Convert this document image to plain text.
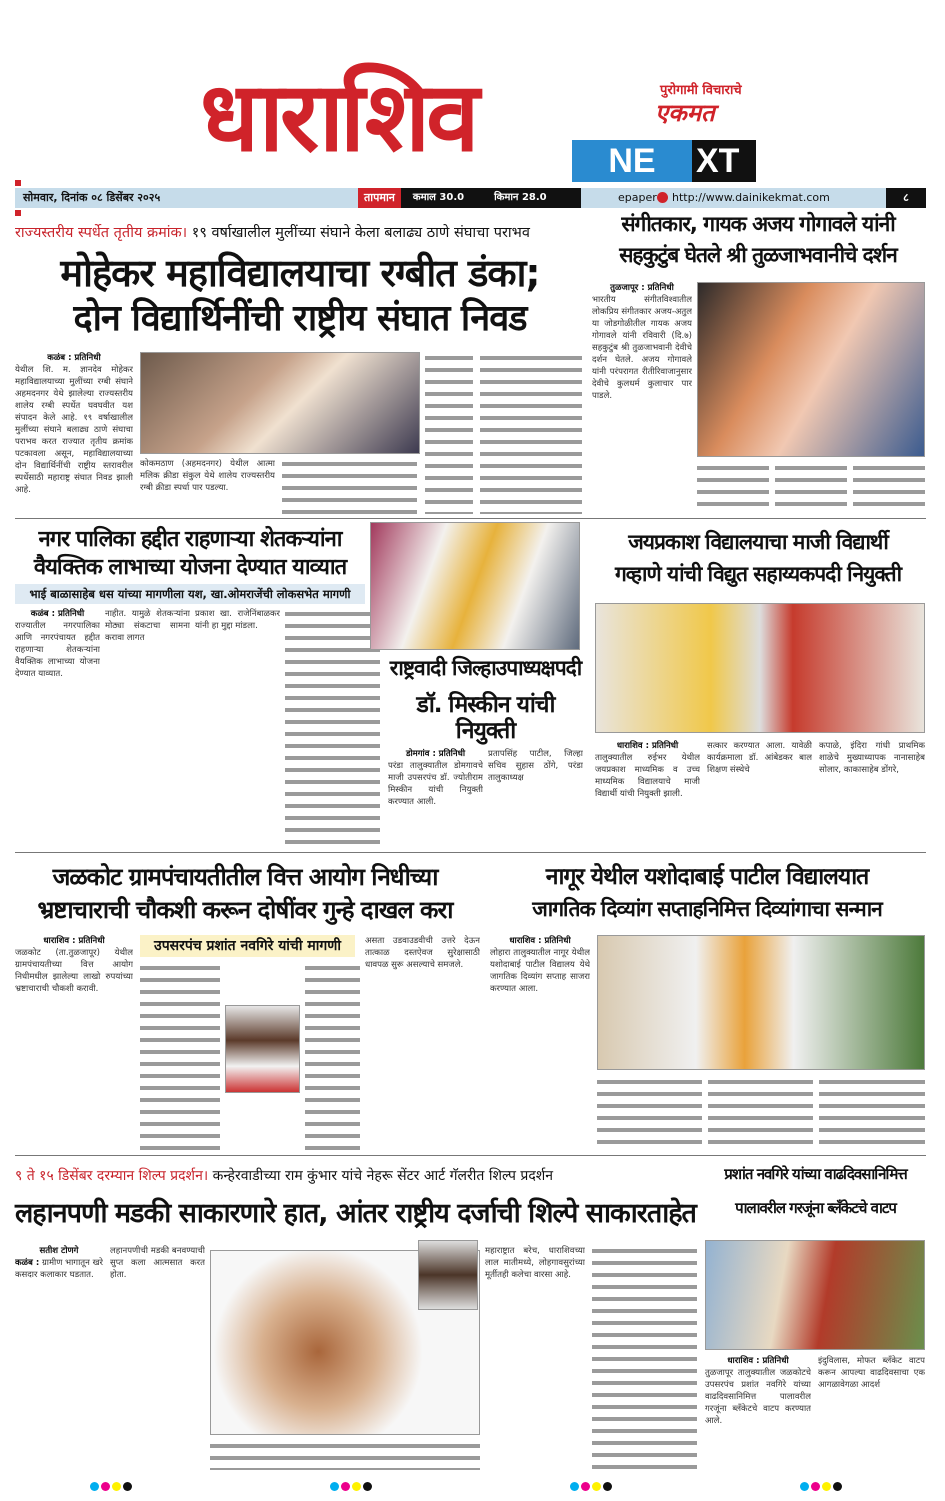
धाराशिव	पुरोगामी विचाराचे
एकमत
NE	XT
सोमवार, दिनांक ०८ डिसेंबर २०२५	तापमान	कमाल 30.0	किमान 28.0	epaper http://www.dainikekmat.com	८
राज्यस्तरीय स्पर्धेत तृतीय क्रमांक। १९ वर्षाखालील मुलींच्या संघाने केला बलाढ्य ठाणे संघाचा पराभव
मोहेकर महाविद्यालयाचा रग्बीत डंका;
दोन विद्यार्थिनींची राष्ट्रीय संघात निवड
कळंब : प्रतिनिधी
येथील शि. म. ज्ञानदेव मोहेकर महाविद्यालयाच्या मुलींच्या रग्बी संघाने अहमदनगर येथे झालेल्या राज्यस्तरीय शालेय रग्बी स्पर्धेत घवघवीत यश संपादन केले आहे. १९ वर्षाखालील मुलींच्या संघाने बलाढ्य ठाणे संघाचा पराभव करत राज्यात तृतीय क्रमांक पटकावला असून, महाविद्यालयाच्या दोन विद्यार्थिनींची राष्ट्रीय स्तरावरील स्पर्धेसाठी महाराष्ट्र संघात निवड झाली आहे.
कोकमठाण (अहमदनगर) येथील आत्मा मलिक क्रीडा संकुल येथे शालेय राज्यस्तरीय रग्बी क्रीडा स्पर्धा पार पडल्या.
संगीतकार, गायक अजय गोगावले यांनी
सहकुटुंब घेतले श्री तुळजाभवानीचे दर्शन
तुळजापूर : प्रतिनिधी
भारतीय संगीतविश्वातील लोकप्रिय संगीतकार अजय-अतुल या जोडगोळीतील गायक अजय गोगावले यांनी रविवारी (दि.७) सहकुटुंब श्री तुळजाभवानी देवीचे दर्शन घेतले. अजय गोगावले यांनी परंपरागत रीतीरिवाजानुसार देवीचे कुलधर्म कुलाचार पार पाडले.
नगर पालिका हद्दीत राहणाऱ्या शेतकऱ्यांना
वैयक्तिक लाभाच्या योजना देण्यात याव्यात
भाई बाळासाहेब धस यांच्या मागणीला यश, खा.ओमराजेंची लोकसभेत मागणी
कळंब : प्रतिनिधी
राज्यातील नगरपालिका आणि नगरपंचायत हद्दीत राहणाऱ्या शेतकऱ्यांना वैयक्तिक लाभाच्या योजना देण्यात याव्यात.
नाहीत. यामुळे शेतकऱ्यांना मोठ्या संकटाचा सामना करावा लागत
प्रकाश खा. राजेनिंबाळकर यांनी हा मुद्दा मांडला.
राष्ट्रवादी जिल्हाउपाध्यक्षपदी
डॉ. मिस्कीन यांची नियुक्ती
डोमगांव : प्रतिनिधी
परंडा तालुक्यातील डोमगावचे माजी उपसरपंच डॉ. ज्योतीराम मिस्कीन यांची नियुक्ती करण्यात आली.
प्रतापसिंह पाटील, जिल्हा सचिव सुहास ठोंगे, परंडा तालुकाध्यक्ष
जयप्रकाश विद्यालयाचा माजी विद्यार्थी
गव्हाणे यांची विद्युत सहाय्यकपदी नियुक्ती
धाराशिव : प्रतिनिधी
तालुक्यातील रुईभर येथील जयप्रकाश माध्यमिक व उच्च माध्यमिक विद्यालयाचे माजी विद्यार्थी यांची नियुक्ती झाली.
सत्कार करण्यात आला. यावेळी कार्यक्रमाला डॉ. आंबेडकर बाल शिक्षण संस्थेचे
कपाळे, इंदिरा गांधी प्राथमिक शाळेचे मुख्याध्यापक नानासाहेब सोलार, काकासाहेब डोंगरे,
जळकोट ग्रामपंचायतीतील वित्त आयोग निधीच्या
भ्रष्टाचाराची चौकशी करून दोषींवर गुन्हे दाखल करा
धाराशिव : प्रतिनिधी
जळकोट (ता.तुळजापूर) येथील ग्रामपंचायतीच्या वित्त आयोग निधीमधील झालेल्या लाखो रुपयांच्या भ्रष्टाचाराची चौकशी करावी.
उपसरपंच प्रशांत नवगिरे यांची मागणी	असता उडवाउडवीची उत्तरे देऊन तात्काळ दस्तऐवज सुरेक्षासाठी धावपळ सुरू असल्याचे समजले.
नागूर येथील यशोदाबाई पाटील विद्यालयात
जागतिक दिव्यांग सप्ताहनिमित्त दिव्यांगाचा सन्मान
धाराशिव : प्रतिनिधी
लोहारा तालुक्यातील नागूर येथील यशोदाबाई पाटील विद्यालय येथे जागतिक दिव्यांग सप्ताह साजरा करण्यात आला.
९ ते १५ डिसेंबर दरम्यान शिल्प प्रदर्शन। कन्हेरवाडीच्या राम कुंभार यांचे नेहरू सेंटर आर्ट गॅलरीत शिल्प प्रदर्शन
लहानपणी मडकी साकारणारे हात, आंतर राष्ट्रीय दर्जाची शिल्पे साकारताहेत
सतीश टोणगे
कळंब : ग्रामीण भागातून खरे कसदार कलाकार घडतात.
लहानपणीची मडकी बनवण्याची सुप्त कला आत्मसात करत होता.
महाराष्ट्रात बरेच, धाराशिवच्या लाल मातीमध्ये, लोहगावसुरांच्या मूर्तीतही कलेचा वारसा आहे.
प्रशांत नवगिरे यांच्या वाढदिवसानिमित्त
पालावरील गरजूंना ब्लँकेटचे वाटप
धाराशिव : प्रतिनिधी
तुळजापूर तालुक्यातील जळकोटचे उपसरपंच प्रशांत नवगिरे यांच्या वाढदिवसानिमित्त पालावरील गरजूंना ब्लँकेटचे वाटप करण्यात आले.
इंदुविलास, मोफत ब्लँकेट वाटप करून आपल्या वाढदिवसाचा एक आगळावेगळा आदर्श
